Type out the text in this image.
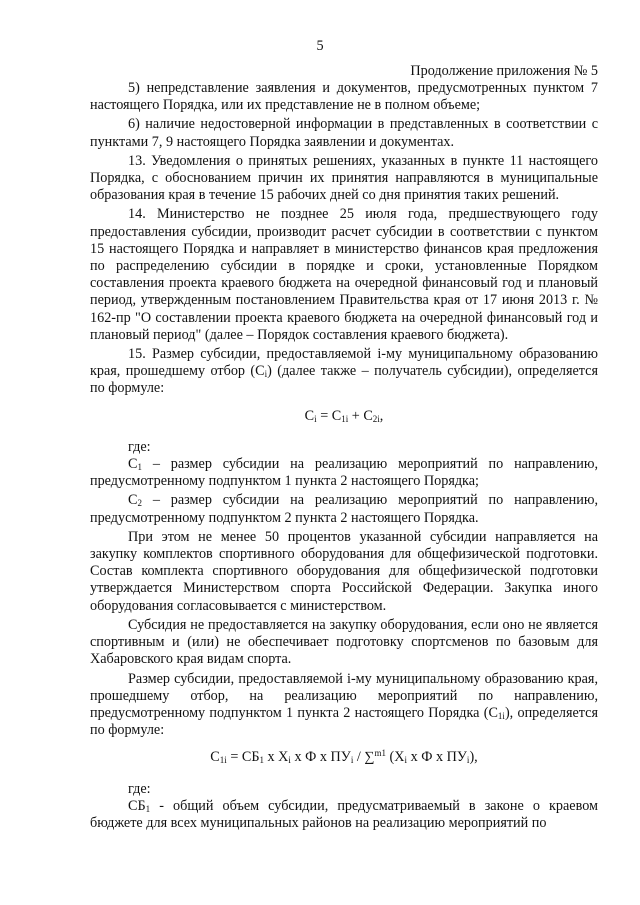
5
Продолжение приложения № 5

5) непредставление заявления и документов, предусмотренных пунктом 7 настоящего Порядка, или их представление не в полном объеме;

6) наличие недостоверной информации в представленных в соответствии с пунктами 7, 9 настоящего Порядка заявлении и документах.

13. Уведомления о принятых решениях, указанных в пункте 11 настоящего Порядка, с обоснованием причин их принятия направляются в муниципальные образования края в течение 15 рабочих дней со дня принятия таких решений.

14. Министерство не позднее 25 июля года, предшествующего году предоставления субсидии, производит расчет субсидии в соответствии с пунктом 15 настоящего Порядка и направляет в министерство финансов края предложения по распределению субсидии в порядке и сроки, установленные Порядком составления проекта краевого бюджета на очередной финансовый год и плановый период, утвержденным постановлением Правительства края от 17 июня 2013 г. № 162-пр "О составлении проекта краевого бюджета на очередной финансовый год и плановый период" (далее – Порядок составления краевого бюджета).

15. Размер субсидии, предоставляемой i-му муниципальному образованию края, прошедшему отбор $(C_i)$ (далее также – получатель субсидии), определяется по формуле:

$C_i = C_{1i} + C_{2i}$,

где:

$C_1$ – размер субсидии на реализацию мероприятий по направлению, предусмотренному подпунктом 1 пункта 2 настоящего Порядка;

$C_2$ – размер субсидии на реализацию мероприятий по направлению, предусмотренному подпунктом 2 пункта 2 настоящего Порядка.

При этом не менее 50 процентов указанной субсидии направляется на закупку комплектов спортивного оборудования для общефизической подготовки. Состав комплекта спортивного оборудования для общефизической подготовки утверждается Министерством спорта Российской Федерации. Закупка иного оборудования согласовывается с министерством.

Субсидия не предоставляется на закупку оборудования, если оно не является спортивным и (или) не обеспечивает подготовку спортсменов по базовым для Хабаровского края видам спорта.

Размер субсидии, предоставляемой i-му муниципальному образованию края, прошедшему отбор, на реализацию мероприятий по направлению, предусмотренному подпунктом 1 пункта 2 настоящего Порядка $(C_{1i})$, определяется по формуле:

$C_{1i} = СБ_1$ x $X_i$ x Ф x $ПУ_i / \sum^{m1}$ ($X_i$ x Ф x $ПУ_i$),

где:

$СБ_1$ - общий объем субсидии, предусматриваемый в законе о краевом бюджете для всех муниципальных районов на реализацию мероприятий по
